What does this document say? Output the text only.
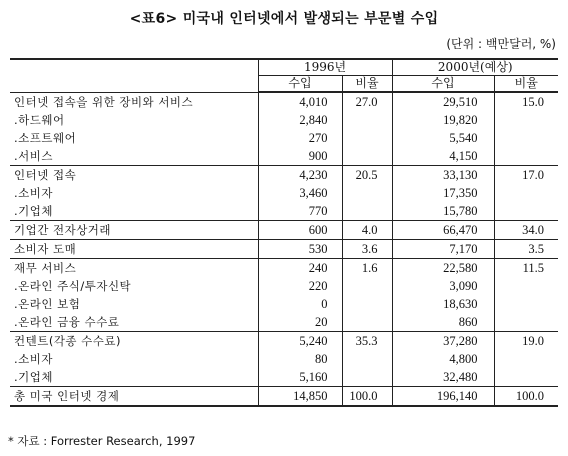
<표6> 미국내 인터넷에서 발생되는 부문별 수입
(단위 : 백만달러, %)
	1996년		2000년(예상)	
	수입	비율	수입	비율
인터넷 접속을 위한 장비와 서비스	4,010	27.0	29,510	15.0
.하드웨어	2,840		19,820	
.소프트웨어	270		5,540	
.서비스	900		4,150	
인터넷 접속	4,230	20.5	33,130	17.0
.소비자	3,460		17,350	
.기업체	770		15,780	
기업간 전자상거래	600	4.0	66,470	34.0
소비자 도매	530	3.6	7,170	3.5
재무 서비스	240	1.6	22,580	11.5
.온라인 주식/투자신탁	220		3,090	
.온라인 보험	0		18,630	
.온라인 금융 수수료	20		860	
컨텐트(각종 수수료)	5,240	35.3	37,280	19.0
.소비자	80		4,800	
.기업체	5,160		32,480	
총 미국 인터넷 경제	14,850	100.0	196,140	100.0
* 자료 : Forrester Research, 1997
